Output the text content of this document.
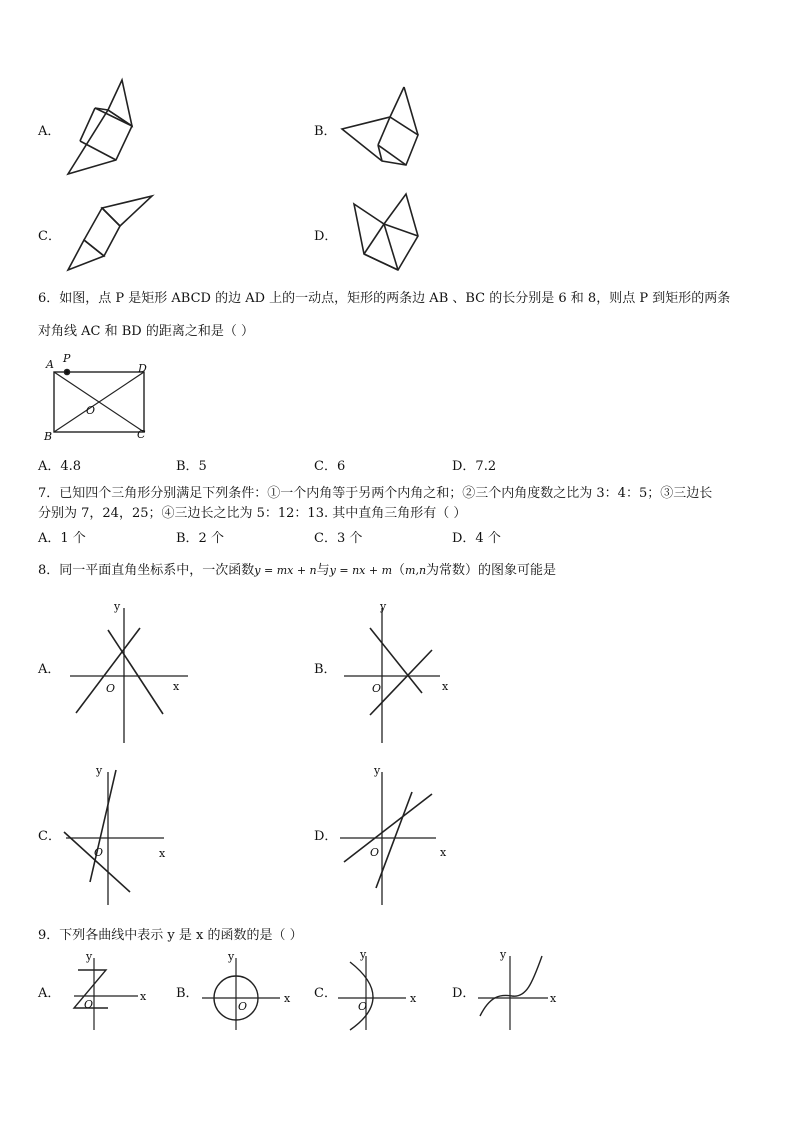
A．	B．
C．	D．
6．如图，点 P 是矩形 ABCD 的边 AD 上的一动点，矩形的两条边 AB 、BC 的长分别是 6 和 8，则点 P 到矩形的两条
对角线 AC 和 BD 的距离之和是（ ）
A P
D
O
B	C
A．4.8	B．5	C．6	D．7.2
7．已知四个三角形分别满足下列条件：①一个内角等于另两个内角之和；②三个内角度数之比为 3：4：5；③三边长
分别为 7，24，25；④三边长之比为 5：12：13. 其中直角三角形有（ ）
A．1 个	B．2 个	C．3 个	D．4 个
8．同一平面直角坐标系中，一次函数y = mx + n与y = nx + m（m,n为常数）的图象可能是
A．
y
x
O
B．
y
x
O
C．
y
x
O
D．
y
x
O
9．下列各曲线中表示 y 是 x 的函数的是（ ）
A．
y
x
O
B．
y
x
O
C．
y
x
O
D．
y
x
